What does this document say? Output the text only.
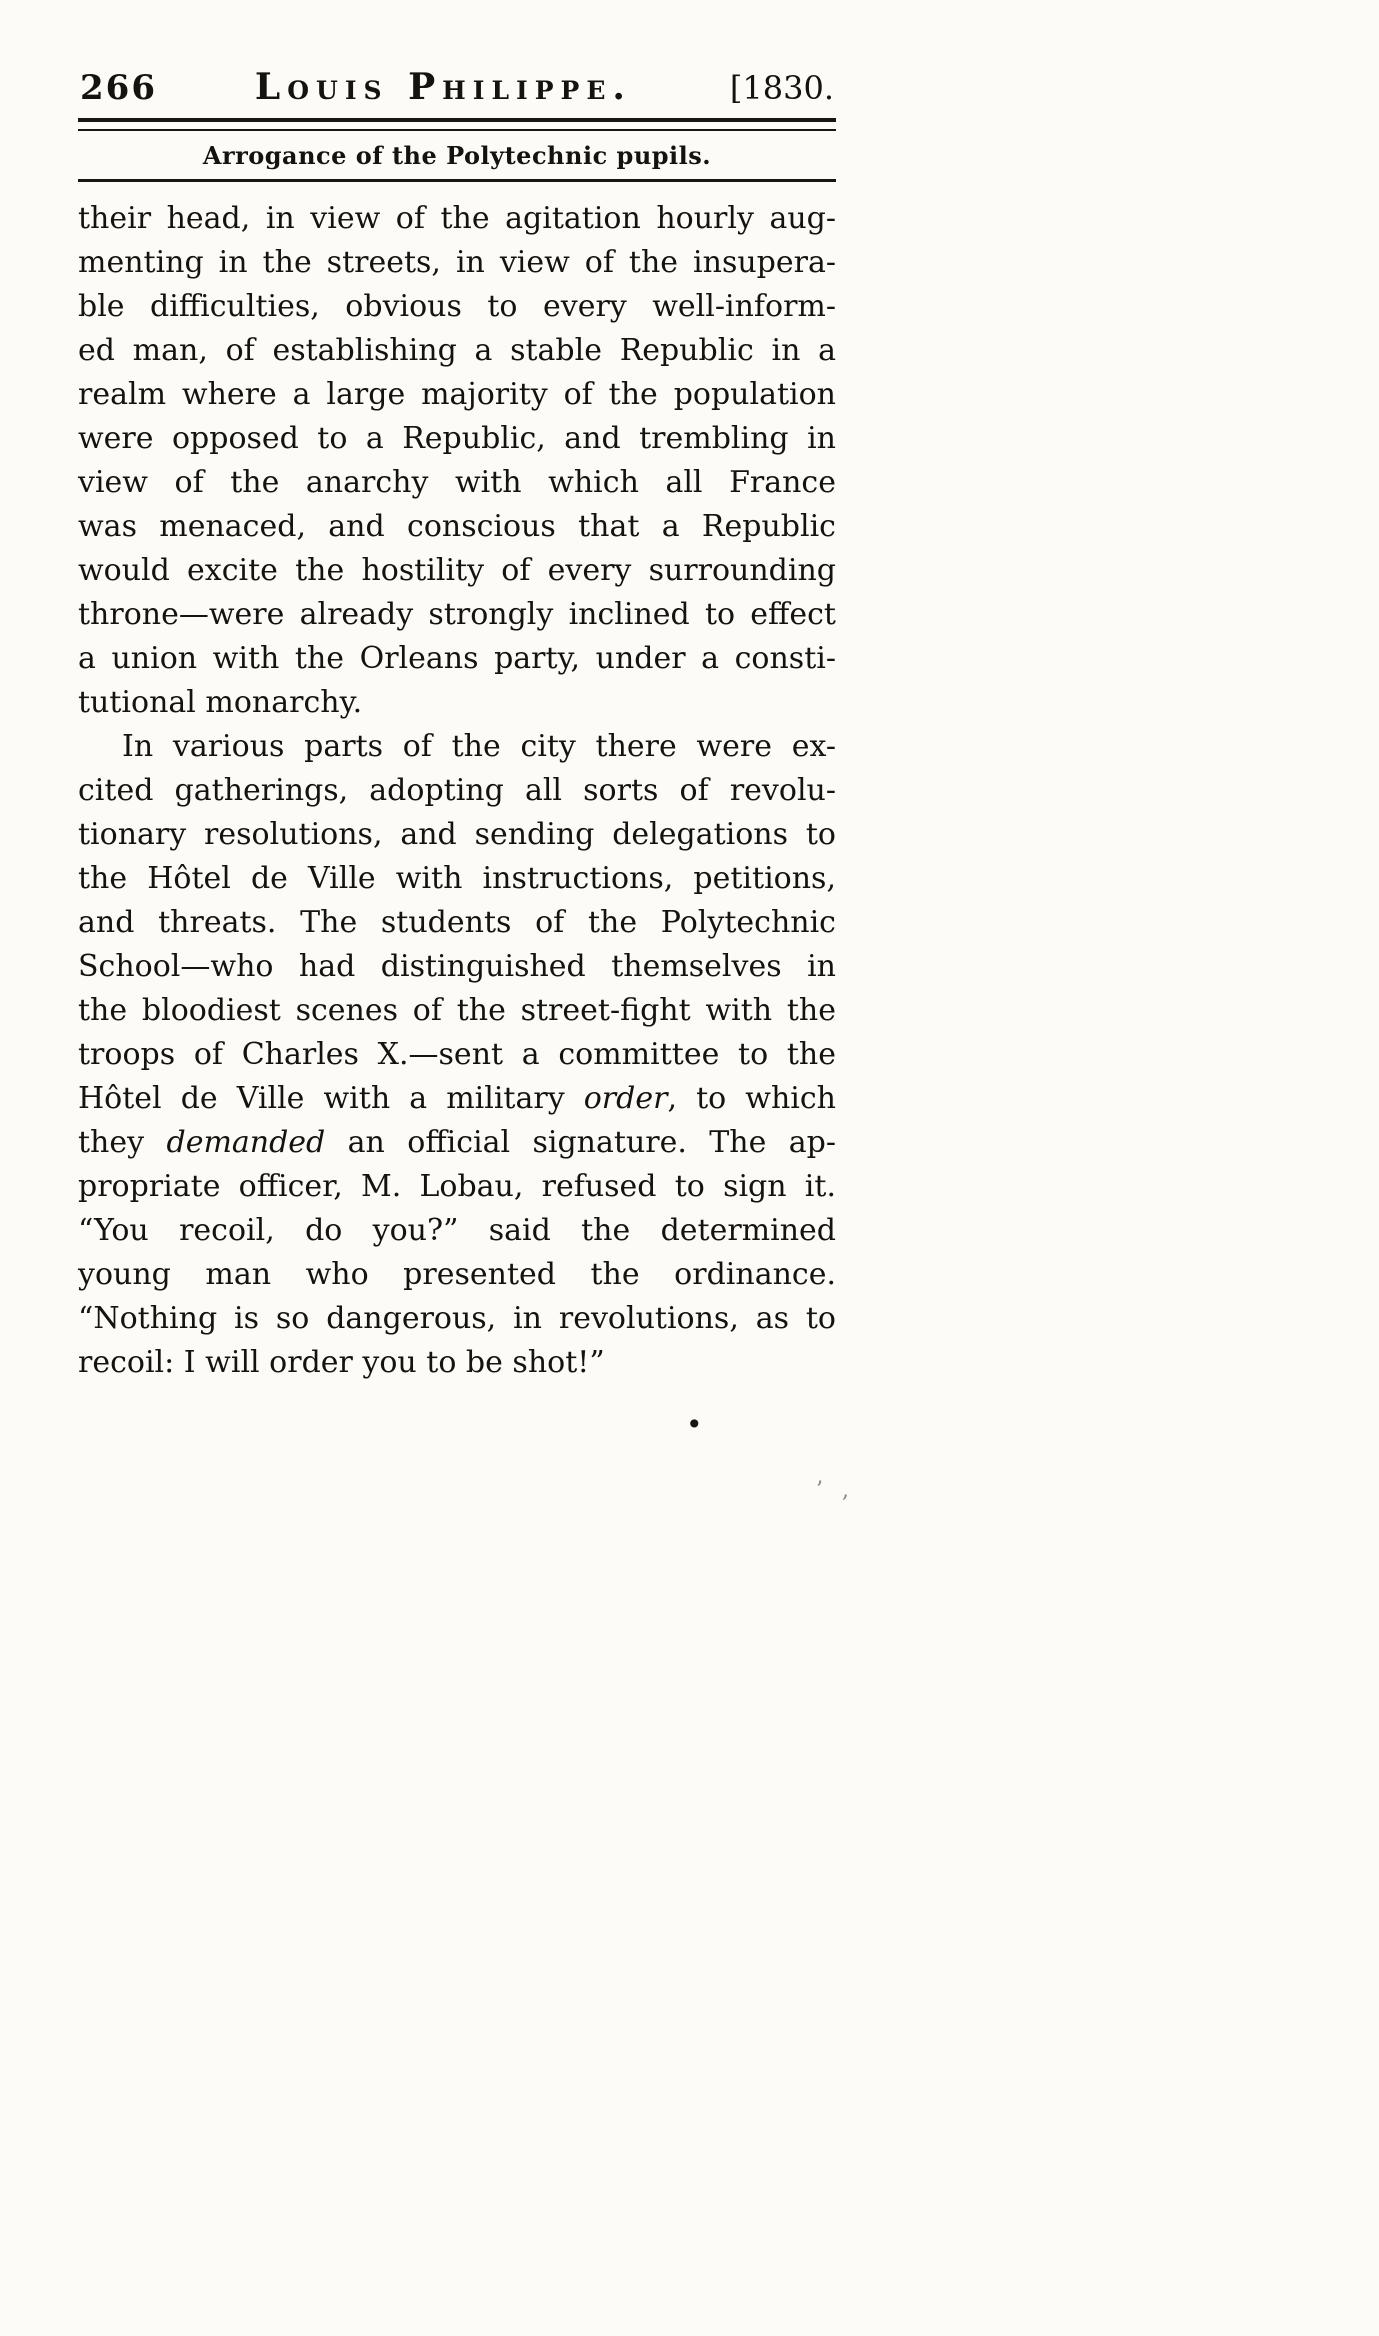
266	Louis Philippe.	[1830.
Arrogance of the Polytechnic pupils.
their head, in view of the agitation hourly aug-
menting in the streets, in view of the insupera-
ble difficulties, obvious to every well-inform-
ed man, of establishing a stable Republic in a
realm where a large majority of the population
were opposed to a Republic, and trembling in
view of the anarchy with which all France
was menaced, and conscious that a Republic
would excite the hostility of every surrounding
throne—were already strongly inclined to effect
a union with the Orleans party, under a consti-
tutional monarchy.
In various parts of the city there were ex-
cited gatherings, adopting all sorts of revolu-
tionary resolutions, and sending delegations to
the Hôtel de Ville with instructions, petitions,
and threats. The students of the Polytechnic
School—who had distinguished themselves in
the bloodiest scenes of the street-fight with the
troops of Charles X.—sent a committee to the
Hôtel de Ville with a military order, to which
they demanded an official signature. The ap-
propriate officer, M. Lobau, refused to sign it.
“You recoil, do you?” said the determined
young man who presented the ordinance.
“Nothing is so dangerous, in revolutions, as to
recoil: I will order you to be shot!”
•
’ ,
